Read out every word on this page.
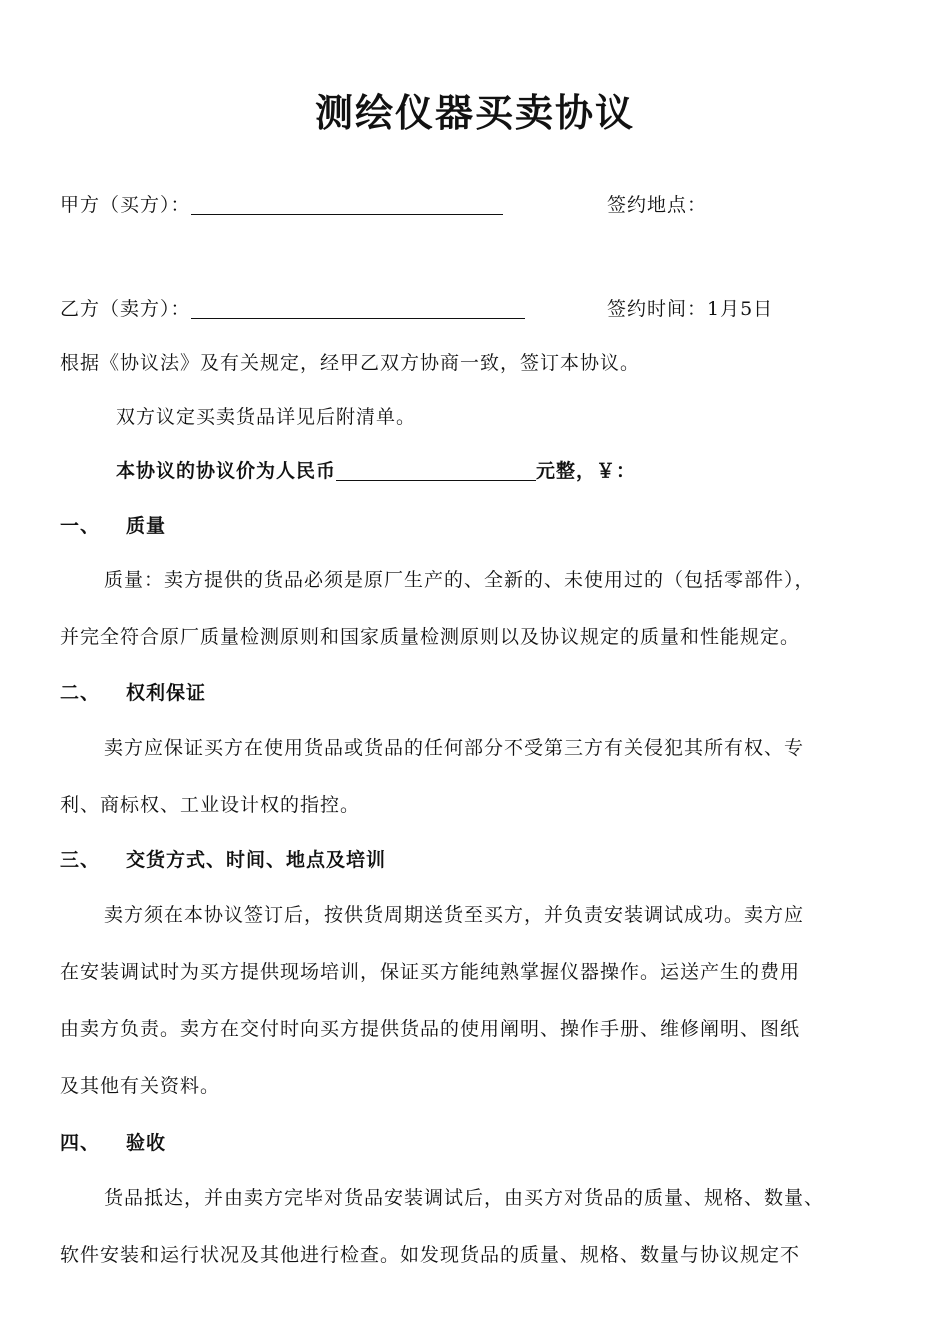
测绘仪器买卖协议
甲方（买方）：	签约地点：
乙方（卖方）：	签约时间：1月5日
根据《协议法》及有关规定，经甲乙双方协商一致，签订本协议。
双方议定买卖货品详见后附清单。
本协议的协议价为人民币	元整，￥：
一、 质量
质量：卖方提供的货品必须是原厂生产的、全新的、未使用过的（包括零部件），
并完全符合原厂质量检测原则和国家质量检测原则以及协议规定的质量和性能规定。
二、 权利保证
卖方应保证买方在使用货品或货品的任何部分不受第三方有关侵犯其所有权、专
利、商标权、工业设计权的指控。
三、 交货方式、时间、地点及培训
卖方须在本协议签订后，按供货周期送货至买方，并负责安装调试成功。卖方应
在安装调试时为买方提供现场培训，保证买方能纯熟掌握仪器操作。运送产生的费用
由卖方负责。卖方在交付时向买方提供货品的使用阐明、操作手册、维修阐明、图纸
及其他有关资料。
四、 验收
货品抵达，并由卖方完毕对货品安装调试后，由买方对货品的质量、规格、数量、
软件安装和运行状况及其他进行检查。如发现货品的质量、规格、数量与协议规定不
